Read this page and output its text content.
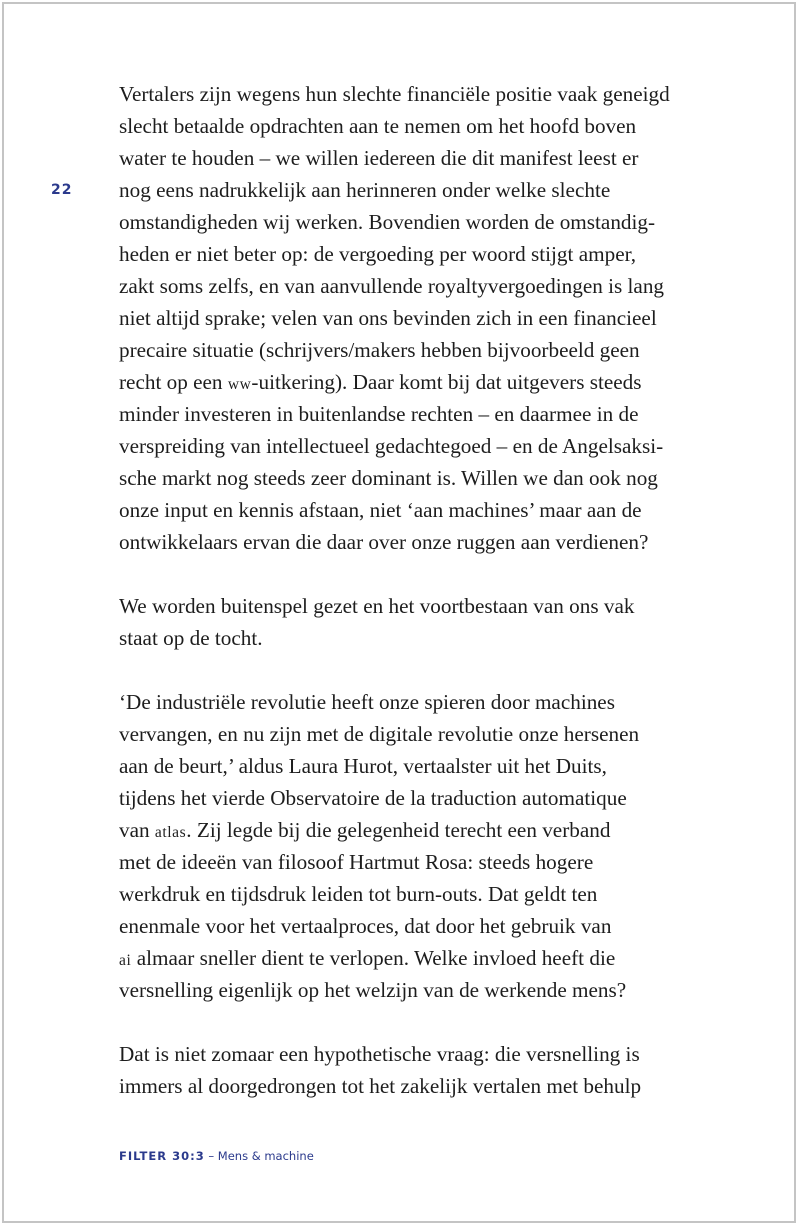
22
Vertalers zijn wegens hun slechte financiële positie vaak geneigd
slecht betaalde opdrachten aan te nemen om het hoofd boven
water te houden – we willen iedereen die dit manifest leest er
nog eens nadrukkelijk aan herinneren onder welke slechte
omstandigheden wij werken. Bovendien worden de omstandig-
heden er niet beter op: de vergoeding per woord stijgt amper,
zakt soms zelfs, en van aanvullende royaltyvergoedingen is lang
niet altijd sprake; velen van ons bevinden zich in een financieel
precaire situatie (schrijvers/makers hebben bijvoorbeeld geen
recht op een ww-uitkering). Daar komt bij dat uitgevers steeds
minder investeren in buitenlandse rechten – en daarmee in de
verspreiding van intellectueel gedachtegoed – en de Angelsaksi-
sche markt nog steeds zeer dominant is. Willen we dan ook nog
onze input en kennis afstaan, niet ‘aan machines’ maar aan de
ontwikkelaars ervan die daar over onze ruggen aan verdienen?
We worden buitenspel gezet en het voortbestaan van ons vak
staat op de tocht.
‘De industriële revolutie heeft onze spieren door machines
vervangen, en nu zijn met de digitale revolutie onze hersenen
aan de beurt,’ aldus Laura Hurot, vertaalster uit het Duits,
tijdens het vierde Observatoire de la traduction automatique
van atlas. Zij legde bij die gelegenheid terecht een verband
met de ideeën van filosoof Hartmut Rosa: steeds hogere
werkdruk en tijdsdruk leiden tot burn-outs. Dat geldt ten
enenmale voor het vertaalproces, dat door het gebruik van
ai almaar sneller dient te verlopen. Welke invloed heeft die
versnelling eigenlijk op het welzijn van de werkende mens?
Dat is niet zomaar een hypothetische vraag: die versnelling is
immers al doorgedrongen tot het zakelijk vertalen met behulp
FILTER 30:3 – Mens & machine
